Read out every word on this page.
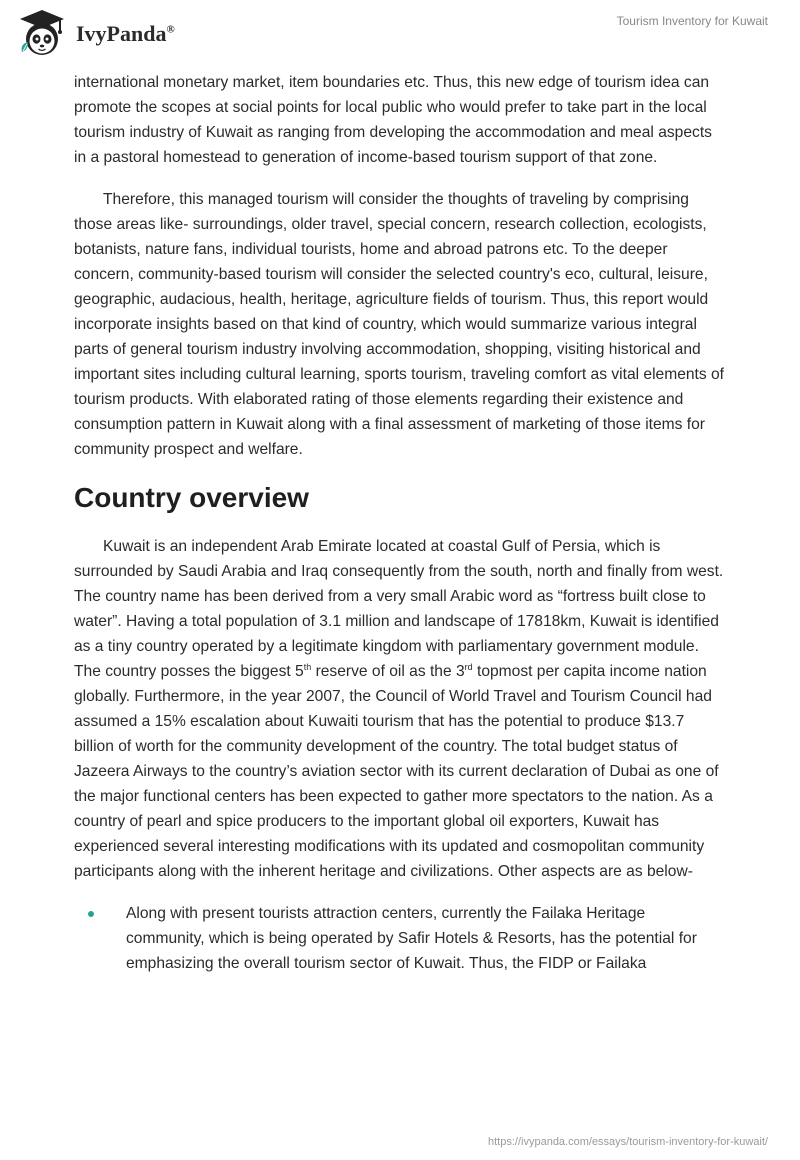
IvyPanda®
Tourism Inventory for Kuwait

international monetary market, item boundaries etc. Thus, this new edge of tourism idea can promote the scopes at social points for local public who would prefer to take part in the local tourism industry of Kuwait as ranging from developing the accommodation and meal aspects in a pastoral homestead to generation of income-based tourism support of that zone.

Therefore, this managed tourism will consider the thoughts of traveling by comprising those areas like- surroundings, older travel, special concern, research collection, ecologists, botanists, nature fans, individual tourists, home and abroad patrons etc. To the deeper concern, community-based tourism will consider the selected country's eco, cultural, leisure, geographic, audacious, health, heritage, agriculture fields of tourism. Thus, this report would incorporate insights based on that kind of country, which would summarize various integral parts of general tourism industry involving accommodation, shopping, visiting historical and important sites including cultural learning, sports tourism, traveling comfort as vital elements of tourism products. With elaborated rating of those elements regarding their existence and consumption pattern in Kuwait along with a final assessment of marketing of those items for community prospect and welfare.

Country overview

Kuwait is an independent Arab Emirate located at coastal Gulf of Persia, which is surrounded by Saudi Arabia and Iraq consequently from the south, north and finally from west. The country name has been derived from a very small Arabic word as “fortress built close to water”. Having a total population of 3.1 million and landscape of 17818km, Kuwait is identified as a tiny country operated by a legitimate kingdom with parliamentary government module. The country posses the biggest 5th reserve of oil as the 3rd topmost per capita income nation globally. Furthermore, in the year 2007, the Council of World Travel and Tourism Council had assumed a 15% escalation about Kuwaiti tourism that has the potential to produce $13.7 billion of worth for the community development of the country. The total budget status of Jazeera Airways to the country’s aviation sector with its current declaration of Dubai as one of the major functional centers has been expected to gather more spectators to the nation. As a country of pearl and spice producers to the important global oil exporters, Kuwait has experienced several interesting modifications with its updated and cosmopolitan community participants along with the inherent heritage and civilizations. Other aspects are as below-

Along with present tourists attraction centers, currently the Failaka Heritage community, which is being operated by Safir Hotels & Resorts, has the potential for emphasizing the overall tourism sector of Kuwait. Thus, the FIDP or Failaka
https://ivypanda.com/essays/tourism-inventory-for-kuwait/
